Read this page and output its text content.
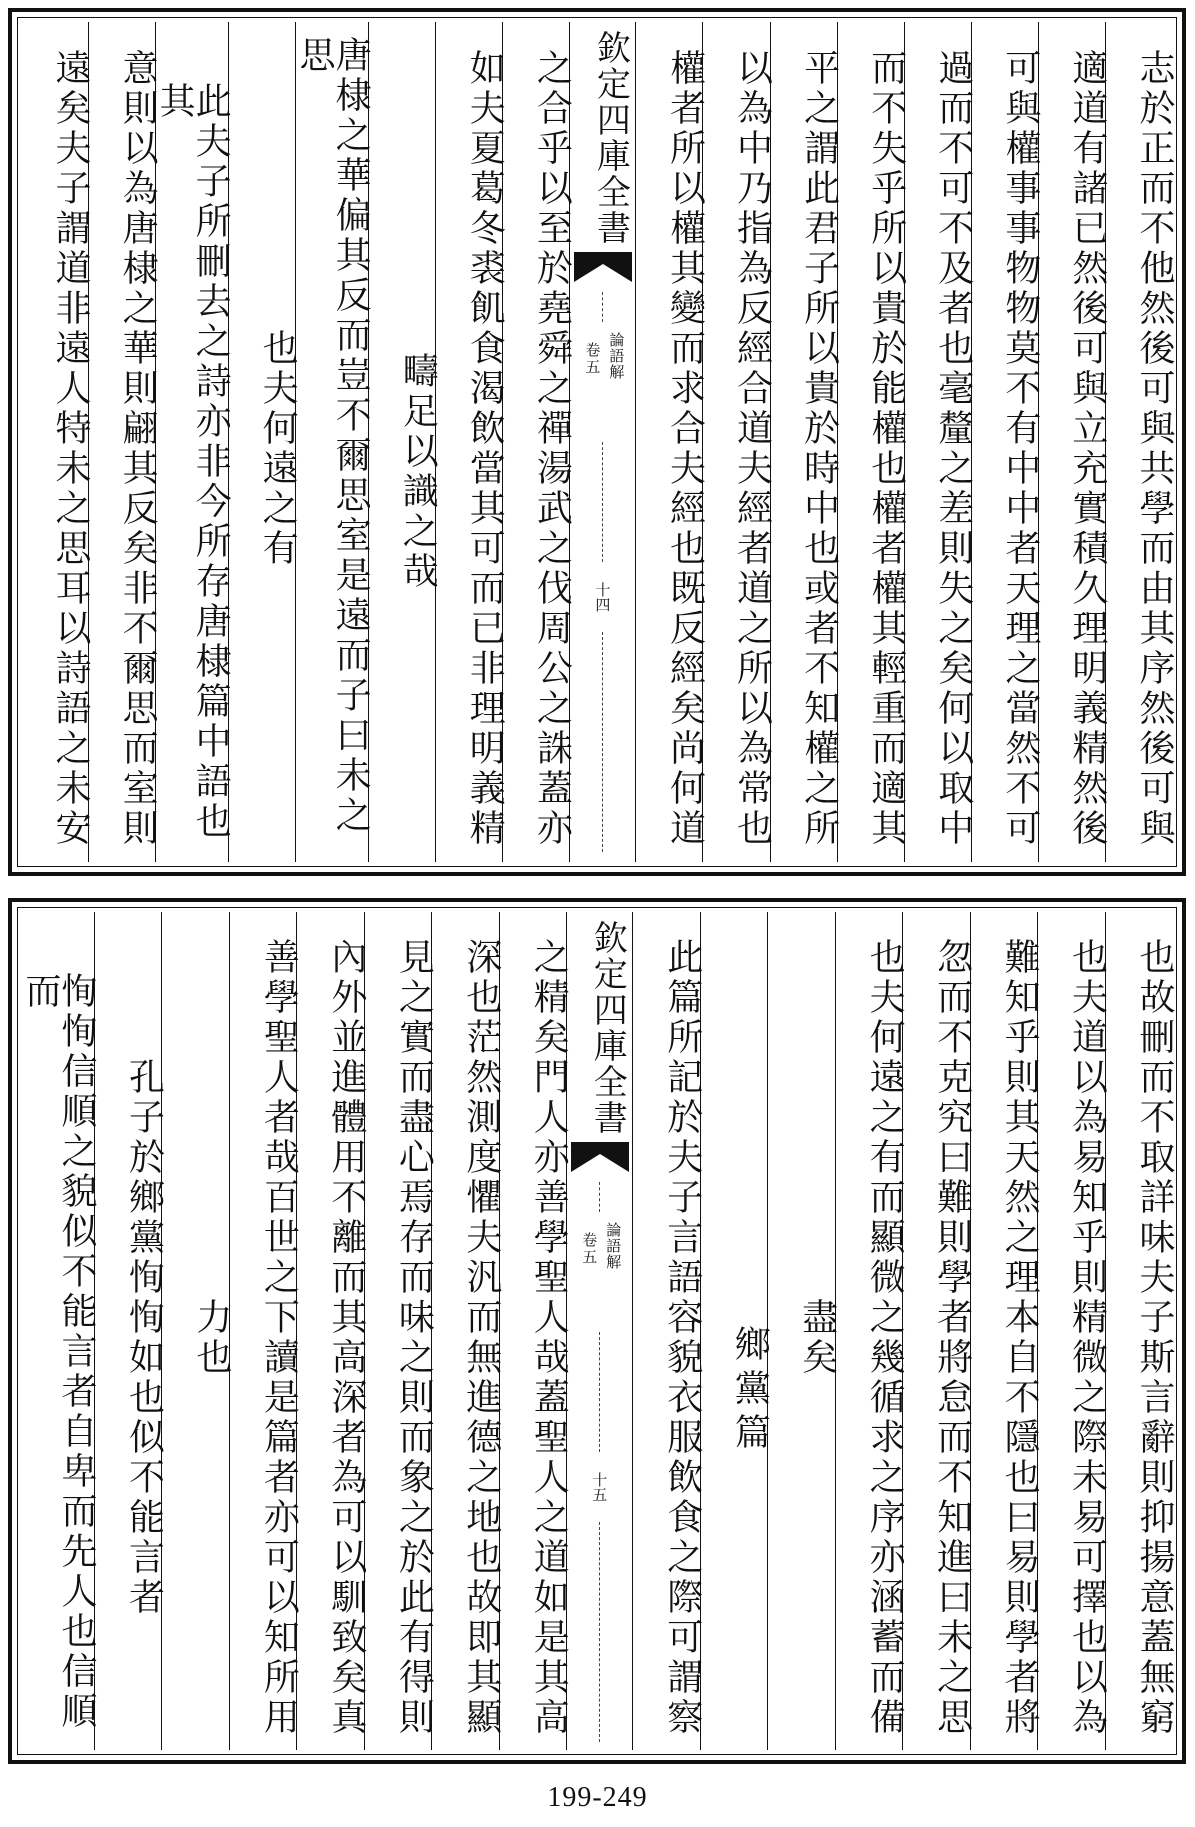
志於正而不他然後可與共學而由其序然後可與
適道有諸已然後可與立充實積久理明義精然後
可與權事事物物莫不有中中者天理之當然不可
過而不可不及者也毫釐之差則失之矣何以取中
而不失乎所以貴於能權也權者權其輕重而適其
平之謂此君子所以貴於時中也或者不知權之所
以為中乃指為反經合道夫經者道之所以為常也
權者所以權其變而求合夫經也既反經矣尚何道
欽定四庫全書
論語解
卷五
十四
之合乎以至於堯舜之禪湯武之伐周公之誅蓋亦
如夫夏葛冬裘飢食渴飲當其可而已非理明義精
疇足以識之哉
唐棣之華偏其反而豈不爾思室是遠而子曰未之思
也夫何遠之有
此夫子所刪去之詩亦非今所存唐棣篇中語也其
意則以為唐棣之華則翩其反矣非不爾思而室則
遠矣夫子謂道非遠人特未之思耳以詩語之未安
也故刪而不取詳味夫子斯言辭則抑揚意蓋無窮
也夫道以為易知乎則精微之際未易可擇也以為
難知乎則其天然之理本自不隱也曰易則學者將
忽而不克究曰難則學者將怠而不知進曰未之思
也夫何遠之有而顯微之幾循求之序亦涵蓄而備
盡矣
鄉黨篇
此篇所記於夫子言語容貌衣服飲食之際可謂察
欽定四庫全書
論語解
卷五
十五
之精矣門人亦善學聖人哉蓋聖人之道如是其高
深也茫然測度懼夫汎而無進德之地也故即其顯
見之實而盡心焉存而味之則而象之於此有得則
內外並進體用不離而其高深者為可以馴致矣真
善學聖人者哉百世之下讀是篇者亦可以知所用
力也
孔子於鄉黨恂恂如也似不能言者
恂恂信順之貌似不能言者自卑而先人也信順而
199-249
